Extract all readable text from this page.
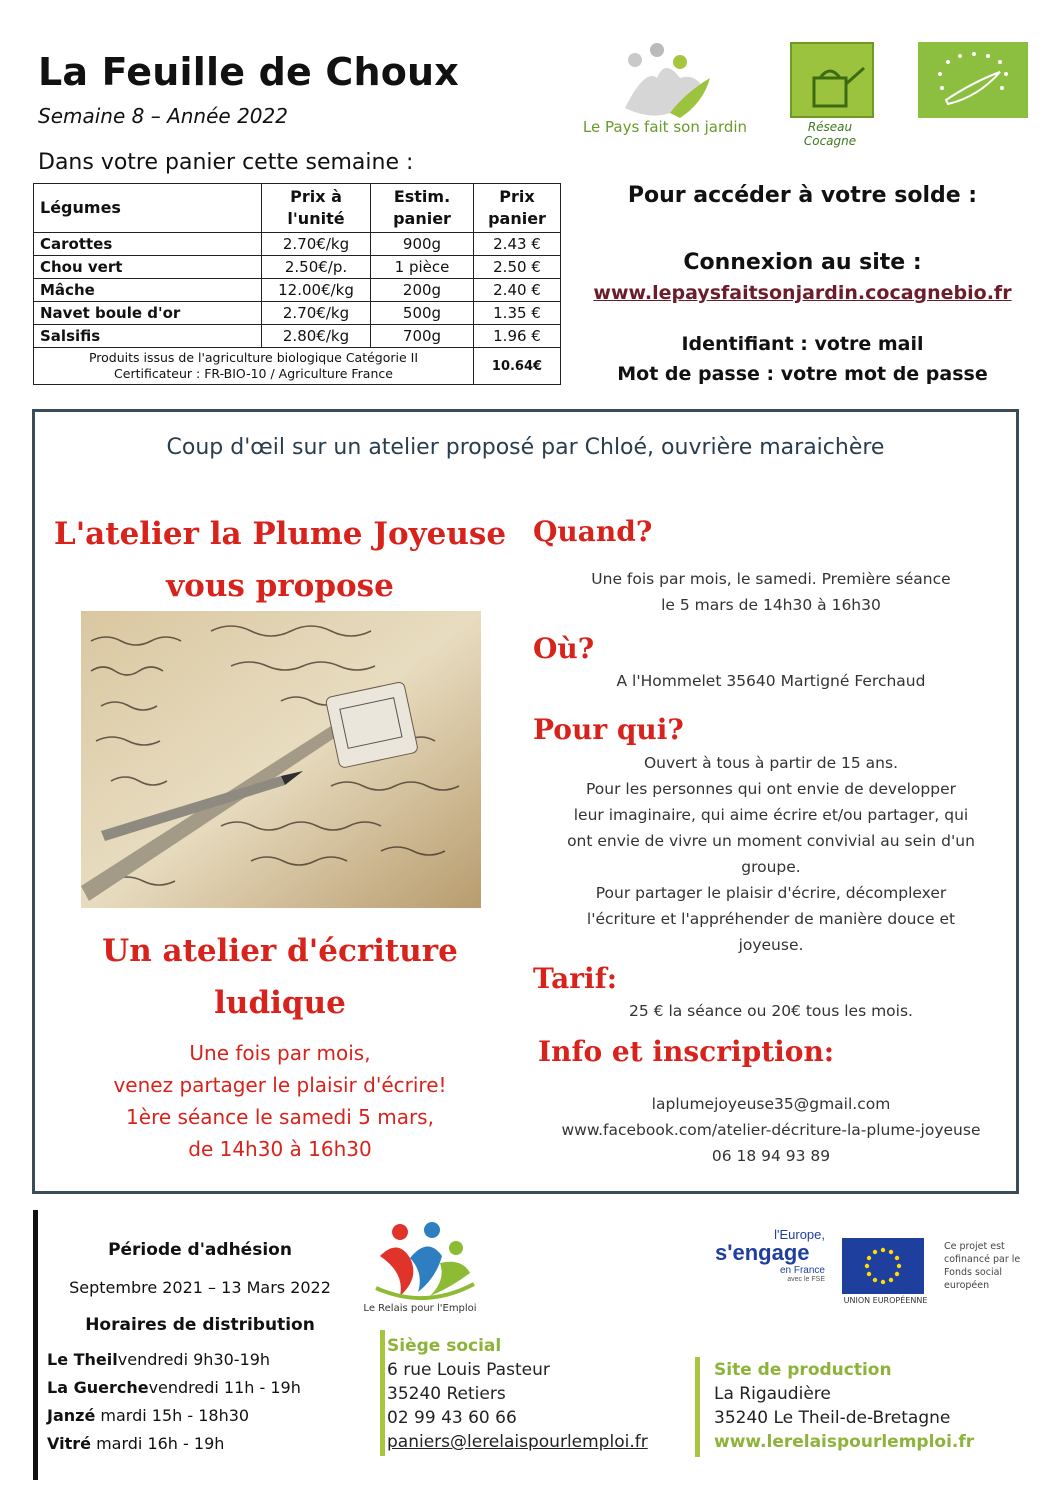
La Feuille de Choux
Semaine 8 – Année 2022
Dans votre panier cette semaine :
Légumes	Prix à l'unité	Estim. panier	Prix panier
Carottes	2.70€/kg	900g	2.43 €
Chou vert	2.50€/p.	1 pièce	2.50 €
Mâche	12.00€/kg	200g	2.40 €
Navet boule d'or	2.70€/kg	500g	1.35 €
Salsifis	2.80€/kg	700g	1.96 €

Produits issus de l'agriculture biologique Catégorie II
Certificateur : FR-BIO-10 / Agriculture France			10.64€
Le Pays fait son jardin	Réseau Cocagne
Pour accéder à votre solde :
Connexion au site :
www.lepaysfaitsonjardin.cocagnebio.fr
Identifiant : votre mail
Mot de passe : votre mot de passe
Coup d'œil sur un atelier proposé par Chloé, ouvrière maraichère
L'atelier la Plume Joyeuse
vous propose
Un atelier d'écriture
ludique
Une fois par mois,
venez partager le plaisir d'écrire!
1ère séance le samedi 5 mars,
de 14h30 à 16h30
Quand?
Une fois par mois, le samedi. Première séance
le 5 mars de 14h30 à 16h30
Où?
A l'Hommelet 35640 Martigné Ferchaud
Pour qui?
Ouvert à tous à partir de 15 ans.
Pour les personnes qui ont envie de developper
leur imaginaire, qui aime écrire et/ou partager, qui
ont envie de vivre un moment convivial au sein d'un
groupe.
Pour partager le plaisir d'écrire, décomplexer
l'écriture et l'appréhender de manière douce et
joyeuse.
Tarif:
25 € la séance ou 20€ tous les mois.
Info et inscription:
laplumejoyeuse35@gmail.com
www.facebook.com/atelier-décriture-la-plume-joyeuse
06 18 94 93 89
Période d'adhésion
Septembre 2021 – 13 Mars 2022
Horaires de distribution
Le Theilvendredi 9h30-19h
La Guerchevendredi 11h - 19h
Janzé mardi 15h - 18h30
Vitré mardi 16h - 19h
Le Relais pour l'Emploi
Siège social
6 rue Louis Pasteur
35240 Retiers
02 99 43 60 66
paniers@lerelaispourlemploi.fr
Site de production
La Rigaudière
35240 Le Theil-de-Bretagne
www.lerelaispourlemploi.fr
l'Europe,
s'engage
en France
avec le FSE
UNION EUROPÉENNE
Ce projet est cofinancé par le Fonds social européen
